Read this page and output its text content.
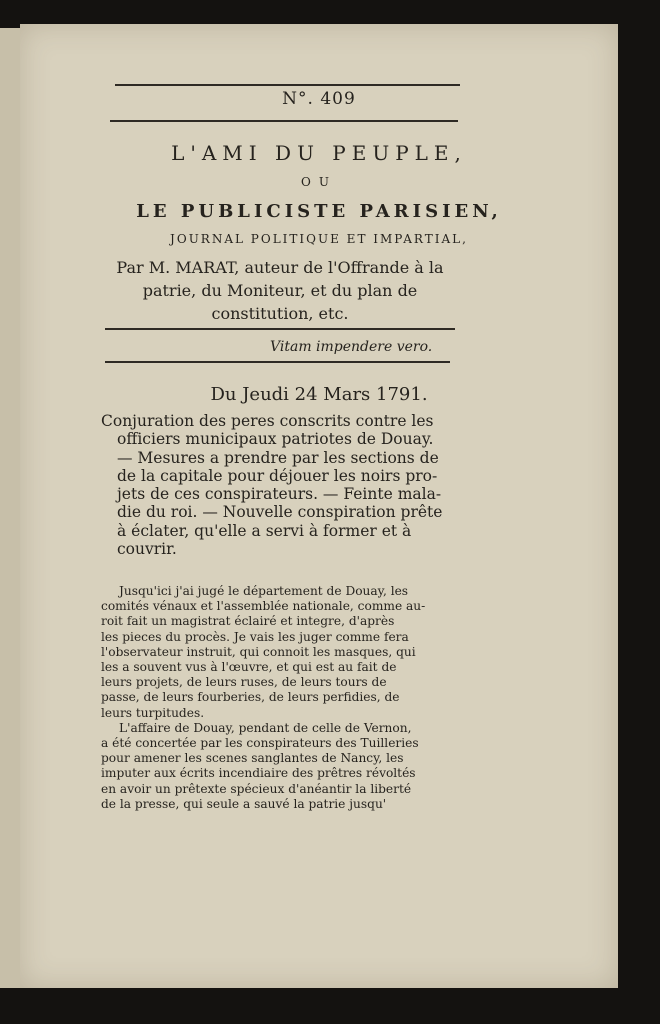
N°. 409
L'AMI DU PEUPLE,
OU
LE PUBLICISTE PARISIEN,
JOURNAL POLITIQUE ET IMPARTIAL,
Par M. MARAT, auteur de l'Offrande à la patrie, du Moniteur, et du plan de constitution, etc.
Vitam impendere vero.
Du Jeudi 24 Mars 1791.
Conjuration des peres conscrits contre les
officiers municipaux patriotes de Douay.
— Mesures a prendre par les sections de
de la capitale pour déjouer les noirs pro-
jets de ces conspirateurs. — Feinte mala-
die du roi. — Nouvelle conspiration prête
à éclater, qu'elle a servi à former et à
couvrir.
Jusqu'ici j'ai jugé le département de Douay, les
comités vénaux et l'assemblée nationale, comme au-
roit fait un magistrat éclairé et integre, d'après
les pieces du procès. Je vais les juger comme fera
l'observateur instruit, qui connoit les masques, qui
les a souvent vus à l'œuvre, et qui est au fait de
leurs projets, de leurs ruses, de leurs tours de
passe, de leurs fourberies, de leurs perfidies, de
leurs turpitudes.
L'affaire de Douay, pendant de celle de Vernon,
a été concertée par les conspirateurs des Tuilleries
pour amener les scenes sanglantes de Nancy, les
imputer aux écrits incendiaire des prêtres révoltés
en avoir un prêtexte spécieux d'anéantir la liberté
de la presse, qui seule a sauvé la patrie jusqu'
